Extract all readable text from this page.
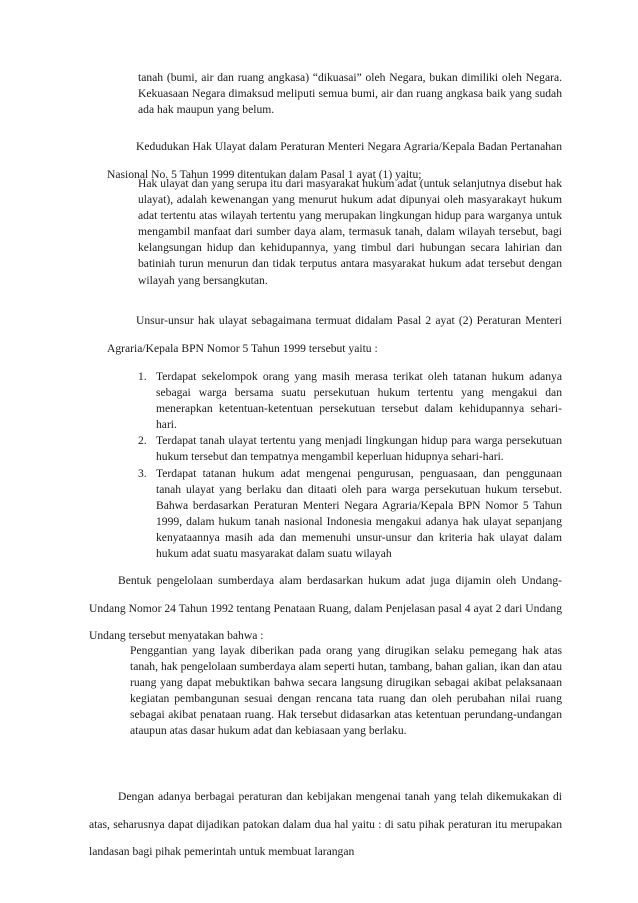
tanah (bumi, air dan ruang angkasa) “dikuasai” oleh Negara, bukan dimiliki oleh Negara. Kekuasaan Negara dimaksud meliputi semua bumi, air dan ruang angkasa baik yang sudah ada hak maupun yang belum.
Kedudukan Hak Ulayat dalam Peraturan Menteri Negara Agraria/Kepala Badan Pertanahan Nasional No. 5 Tahun 1999 ditentukan dalam Pasal 1 ayat (1) yaitu;
Hak ulayat dan yang serupa itu dari masyarakat hukum adat (untuk selanjutnya disebut hak ulayat), adalah kewenangan yang menurut hukum adat dipunyai oleh masyarakayt hukum adat tertentu atas wilayah tertentu yang merupakan lingkungan hidup para warganya untuk mengambil manfaat dari sumber daya alam, termasuk tanah, dalam wilayah tersebut, bagi kelangsungan hidup dan kehidupannya, yang timbul dari hubungan secara lahirian dan batiniah turun menurun dan tidak terputus antara masyarakat hukum adat tersebut dengan wilayah yang bersangkutan.
Unsur-unsur hak ulayat sebagaimana termuat didalam Pasal 2 ayat (2) Peraturan Menteri Agraria/Kepala BPN Nomor 5 Tahun 1999 tersebut yaitu :
1. Terdapat sekelompok orang yang masih merasa terikat oleh tatanan hukum adanya sebagai warga bersama suatu persekutuan hukum tertentu yang mengakui dan menerapkan ketentuan-ketentuan persekutuan tersebut dalam kehidupannya sehari-hari.
2. Terdapat tanah ulayat tertentu yang menjadi lingkungan hidup para warga persekutuan hukum tersebut dan tempatnya mengambil keperluan hidupnya sehari-hari.
3. Terdapat tatanan hukum adat mengenai pengurusan, penguasaan, dan penggunaan tanah ulayat yang berlaku dan ditaati oleh para warga persekutuan hukum tersebut. Bahwa berdasarkan Peraturan Menteri Negara Agraria/Kepala BPN Nomor 5 Tahun 1999, dalam hukum tanah nasional Indonesia mengakui adanya hak ulayat sepanjang kenyataannya masih ada dan memenuhi unsur-unsur dan kriteria hak ulayat dalam hukum adat suatu masyarakat dalam suatu wilayah
Bentuk pengelolaan sumberdaya alam berdasarkan hukum adat juga dijamin oleh Undang-Undang Nomor 24 Tahun 1992 tentang Penataan Ruang, dalam Penjelasan pasal 4 ayat 2 dari Undang Undang tersebut menyatakan bahwa :
Penggantian yang layak diberikan pada orang yang dirugikan selaku pemegang hak atas tanah, hak pengelolaan sumberdaya alam seperti hutan, tambang, bahan galian, ikan dan atau ruang yang dapat mebuktikan bahwa secara langsung dirugikan sebagai akibat pelaksanaan kegiatan pembangunan sesuai dengan rencana tata ruang dan oleh perubahan nilai ruang sebagai akibat penataan ruang. Hak tersebut didasarkan atas ketentuan perundang-undangan ataupun atas dasar hukum adat dan kebiasaan yang berlaku.
Dengan adanya berbagai peraturan dan kebijakan mengenai tanah yang telah dikemukakan di atas, seharusnya dapat dijadikan patokan dalam dua hal yaitu : di satu pihak peraturan itu merupakan landasan bagi pihak pemerintah untuk membuat larangan
